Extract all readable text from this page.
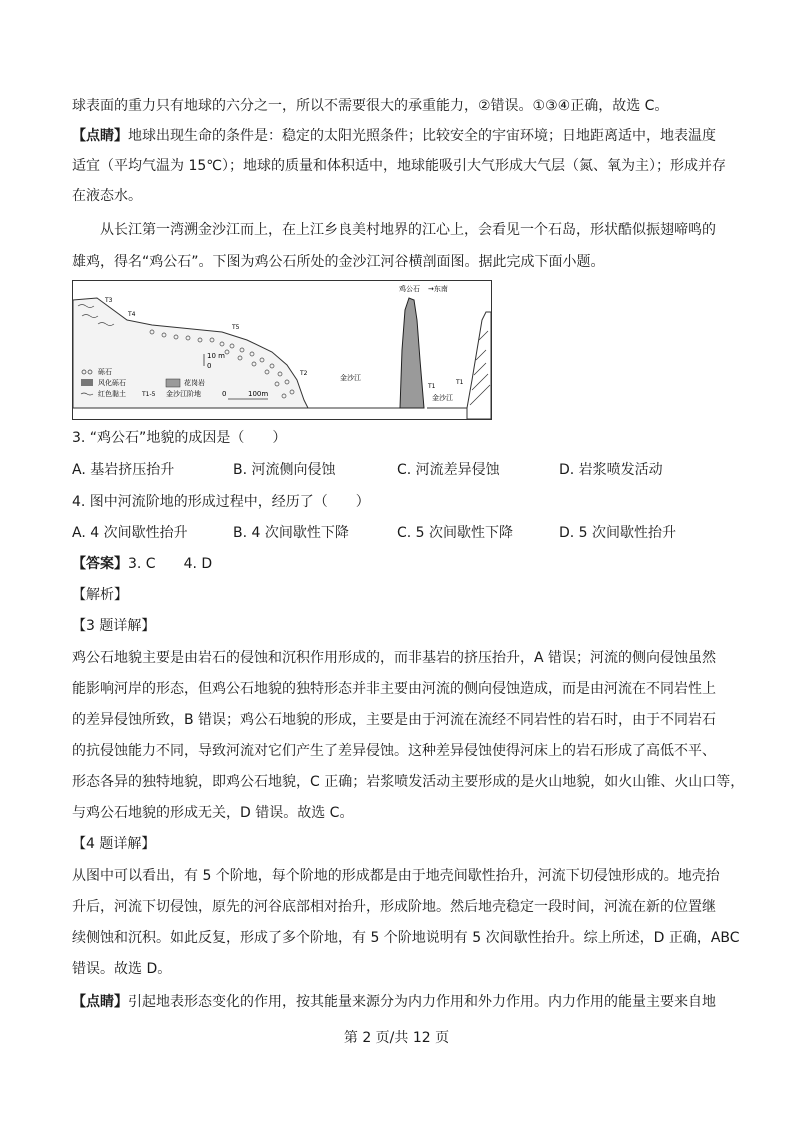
球表面的重力只有地球的六分之一，所以不需要很大的承重能力，②错误。①③④正确，故选 C。
【点睛】地球出现生命的条件是：稳定的太阳光照条件；比较安全的宇宙环境；日地距离适中，地表温度
适宜（平均气温为 15℃）；地球的质量和体积适中，地球能吸引大气形成大气层（氮、氧为主）；形成并存
在液态水。
从长江第一湾溯金沙江而上，在上江乡良美村地界的江心上，会看见一个石岛，形状酷似振翅啼鸣的
雄鸡，得名“鸡公石”。下图为鸡公石所处的金沙江河谷横剖面图。据此完成下面小题。
鸡公石 →东南
T3
T4
T5
T2
T1
T1
金沙江
金沙江
砾石
风化砾石
红色黏土
花岗岩
T1-5 金沙江阶地
10 m
0
0	100m
3. “鸡公石”地貌的成因是（　　）
A. 基岩挤压抬升	B. 河流侧向侵蚀	C. 河流差异侵蚀	D. 岩浆喷发活动
4. 图中河流阶地的形成过程中，经历了（　　）
A. 4 次间歇性抬升	B. 4 次间歇性下降	C. 5 次间歇性下降	D. 5 次间歇性抬升
【答案】3. C　　4. D
【解析】
【3 题详解】
鸡公石地貌主要是由岩石的侵蚀和沉积作用形成的，而非基岩的挤压抬升，A 错误；河流的侧向侵蚀虽然
能影响河岸的形态，但鸡公石地貌的独特形态并非主要由河流的侧向侵蚀造成，而是由河流在不同岩性上
的差异侵蚀所致，B 错误；鸡公石地貌的形成，主要是由于河流在流经不同岩性的岩石时，由于不同岩石
的抗侵蚀能力不同，导致河流对它们产生了差异侵蚀。这种差异侵蚀使得河床上的岩石形成了高低不平、
形态各异的独特地貌，即鸡公石地貌，C 正确；岩浆喷发活动主要形成的是火山地貌，如火山锥、火山口等，
与鸡公石地貌的形成无关，D 错误。故选 C。
【4 题详解】
从图中可以看出，有 5 个阶地，每个阶地的形成都是由于地壳间歇性抬升，河流下切侵蚀形成的。地壳抬
升后，河流下切侵蚀，原先的河谷底部相对抬升，形成阶地。然后地壳稳定一段时间，河流在新的位置继
续侧蚀和沉积。如此反复，形成了多个阶地，有 5 个阶地说明有 5 次间歇性抬升。综上所述，D 正确，ABC
错误。故选 D。
【点睛】引起地表形态变化的作用，按其能量来源分为内力作用和外力作用。内力作用的能量主要来自地
第 2 页/共 12 页
